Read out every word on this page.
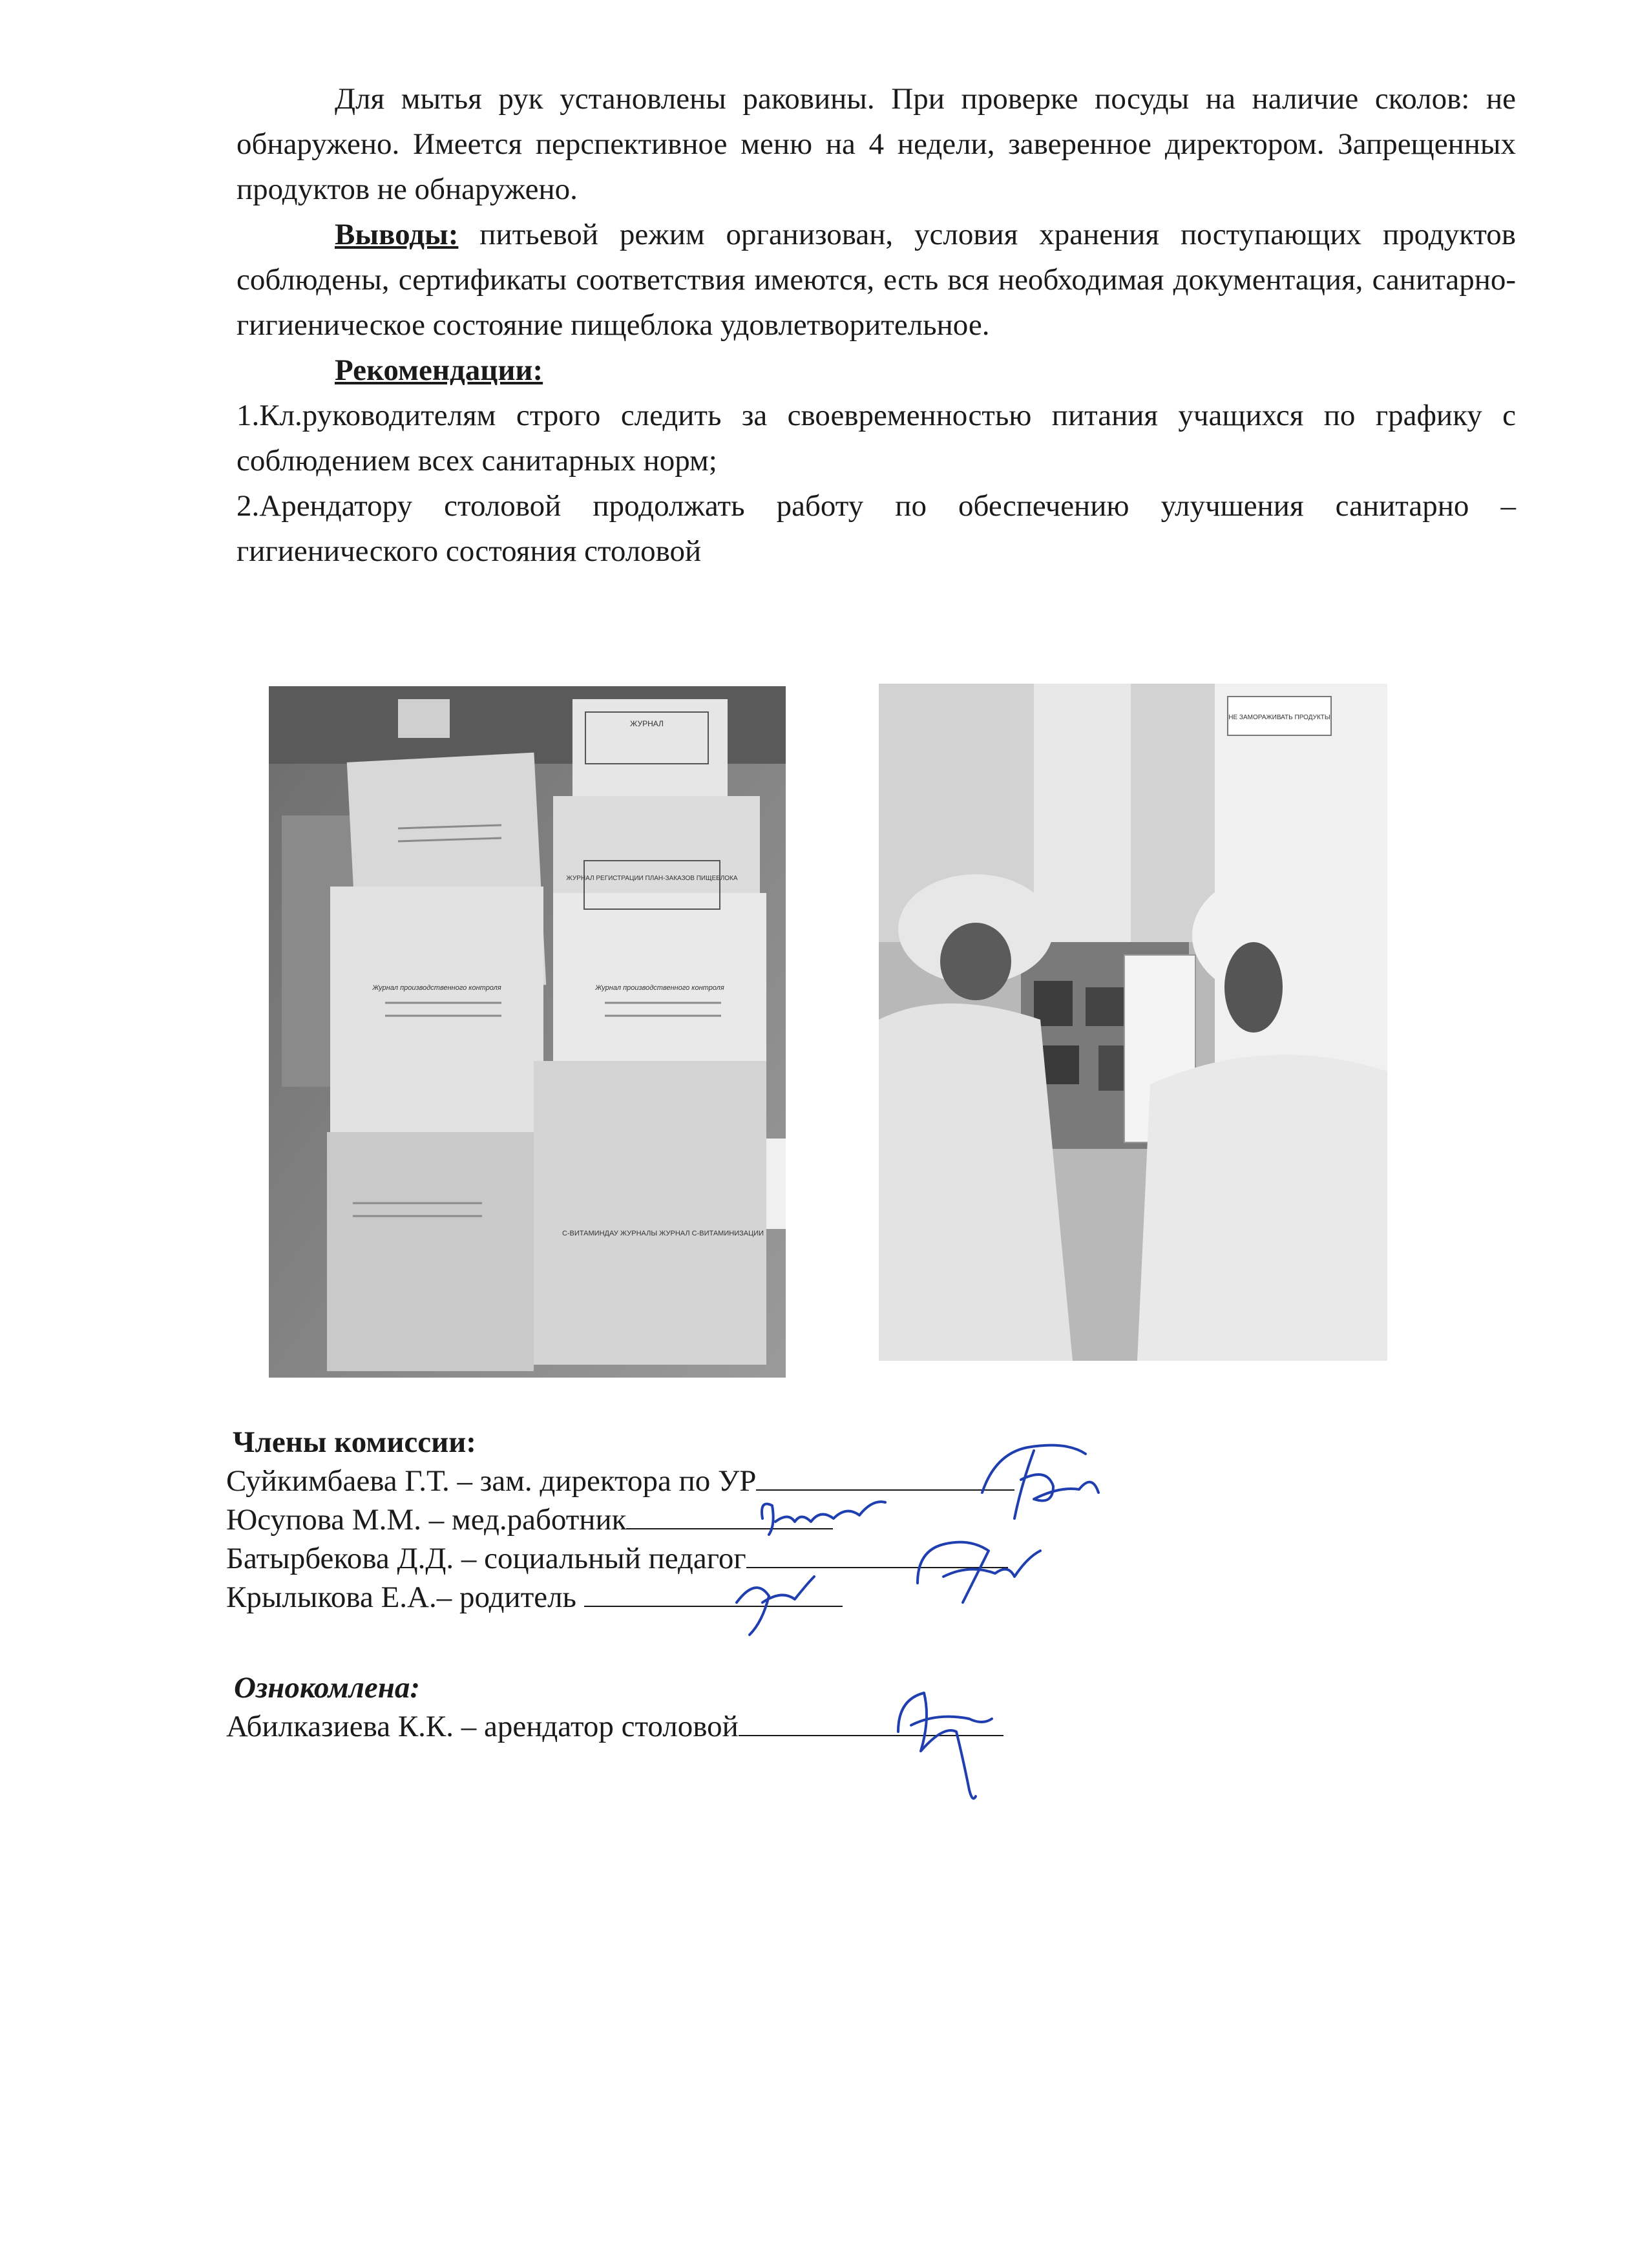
Для мытья рук установлены раковины. При проверке посуды на наличие сколов: не обнаружено. Имеется перспективное меню на 4 недели, заверенное директором. Запрещенных продуктов не обнаружено.

Выводы: питьевой режим организован, условия хранения поступающих продуктов соблюдены, сертификаты соответствия имеются, есть вся необходимая документация, санитарно-гигиеническое состояние пищеблока удовлетворительное.

Рекомендации:

1.Кл.руководителям строго следить за своевременностью питания учащихся по графику с соблюдением всех санитарных норм;

2.Арендатору столовой продолжать работу по обеспечению улучшения санитарно – гигиенического состояния столовой

ЖУРНАЛ
ЖУРНАЛ РЕГИСТРАЦИИ ПЛАН-ЗАКАЗОВ ПИЩЕБЛОКА
Журнал производственного контроля	Журнал производственного контроля
С-ВИТАМИНДАУ ЖУРНАЛЫ ЖУРНАЛ С-ВИТАМИНИЗАЦИИ
НЕ ЗАМОРАЖИВАТЬ ПРОДУКТЫ
Члены комиссии:
Суйкимбаева Г.Т. – зам. директора по УР
Юсупова М.М. – мед.работник
Батырбекова Д.Д. – социальный педагог
Крылыкова Е.А.– родитель
Ознокомлена:
Абилказиева К.К. – арендатор столовой
